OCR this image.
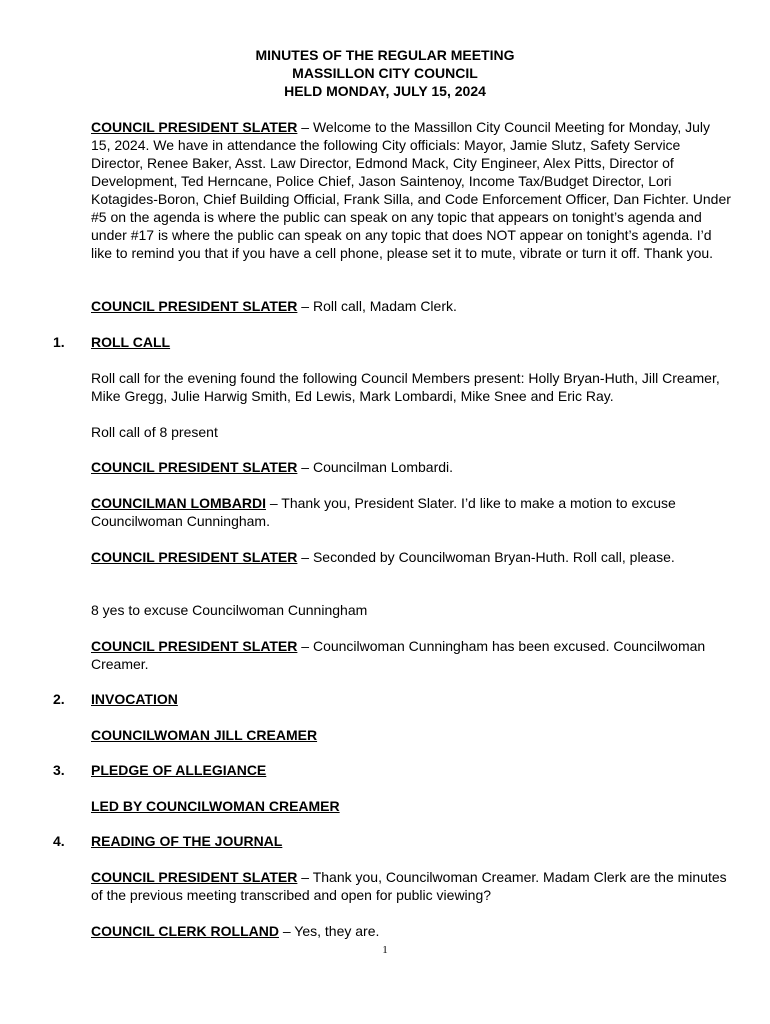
MINUTES OF THE REGULAR MEETING
MASSILLON CITY COUNCIL
HELD MONDAY, JULY 15, 2024
COUNCIL PRESIDENT SLATER – Welcome to the Massillon City Council Meeting for Monday, July 15, 2024. We have in attendance the following City officials: Mayor, Jamie Slutz, Safety Service Director, Renee Baker, Asst. Law Director, Edmond Mack, City Engineer, Alex Pitts, Director of Development, Ted Herncane, Police Chief, Jason Saintenoy, Income Tax/Budget Director, Lori Kotagides-Boron, Chief Building Official, Frank Silla, and Code Enforcement Officer, Dan Fichter. Under #5 on the agenda is where the public can speak on any topic that appears on tonight’s agenda and under #17 is where the public can speak on any topic that does NOT appear on tonight’s agenda. I’d like to remind you that if you have a cell phone, please set it to mute, vibrate or turn it off. Thank you.
COUNCIL PRESIDENT SLATER – Roll call, Madam Clerk.
1. ROLL CALL
Roll call for the evening found the following Council Members present: Holly Bryan-Huth, Jill Creamer, Mike Gregg, Julie Harwig Smith, Ed Lewis, Mark Lombardi, Mike Snee and Eric Ray.
Roll call of 8 present
COUNCIL PRESIDENT SLATER – Councilman Lombardi.
COUNCILMAN LOMBARDI – Thank you, President Slater. I’d like to make a motion to excuse Councilwoman Cunningham.
COUNCIL PRESIDENT SLATER – Seconded by Councilwoman Bryan-Huth. Roll call, please.
8 yes to excuse Councilwoman Cunningham
COUNCIL PRESIDENT SLATER – Councilwoman Cunningham has been excused. Councilwoman Creamer.
2. INVOCATION
COUNCILWOMAN JILL CREAMER
3. PLEDGE OF ALLEGIANCE
LED BY COUNCILWOMAN CREAMER
4. READING OF THE JOURNAL
COUNCIL PRESIDENT SLATER – Thank you, Councilwoman Creamer. Madam Clerk are the minutes of the previous meeting transcribed and open for public viewing?
COUNCIL CLERK ROLLAND – Yes, they are.
1
